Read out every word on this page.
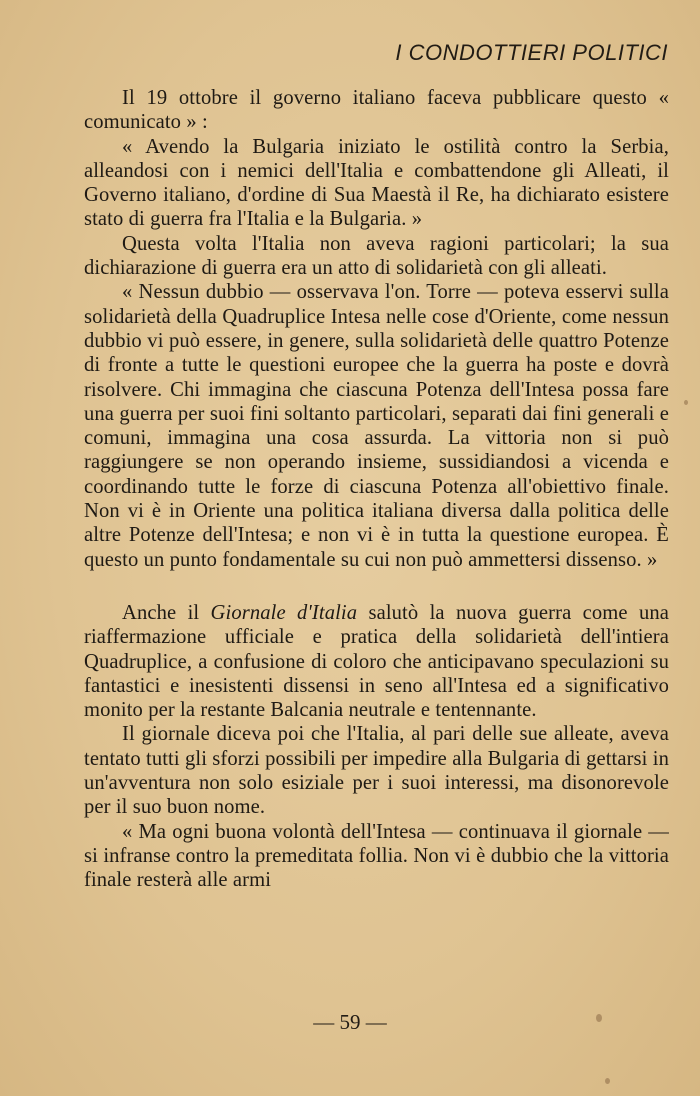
I CONDOTTIERI POLITICI

Il 19 ottobre il governo italiano faceva pubblicare questo « comunicato » :

« Avendo la Bulgaria iniziato le ostilità contro la Serbia, alleandosi con i nemici dell'Italia e combattendone gli Alleati, il Governo italiano, d'ordine di Sua Maestà il Re, ha dichiarato esistere stato di guerra fra l'Italia e la Bulgaria. »

Questa volta l'Italia non aveva ragioni particolari; la sua dichiarazione di guerra era un atto di solidarietà con gli alleati.

« Nessun dubbio — osservava l'on. Torre — poteva esservi sulla solidarietà della Quadruplice Intesa nelle cose d'Oriente, come nessun dubbio vi può essere, in genere, sulla solidarietà delle quattro Potenze di fronte a tutte le questioni europee che la guerra ha poste e dovrà risolvere. Chi immagina che ciascuna Potenza dell'Intesa possa fare una guerra per suoi fini soltanto particolari, separati dai fini generali e comuni, immagina una cosa assurda. La vittoria non si può raggiungere se non operando insieme, sussidiandosi a vicenda e coordinando tutte le forze di ciascuna Potenza all'obiettivo finale. Non vi è in Oriente una politica italiana diversa dalla politica delle altre Potenze dell'Intesa; e non vi è in tutta la questione europea. È questo un punto fondamentale su cui non può ammettersi dissenso. »

Anche il Giornale d'Italia salutò la nuova guerra come una riaffermazione ufficiale e pratica della solidarietà dell'intiera Quadruplice, a confusione di coloro che anticipavano speculazioni su fantastici e inesistenti dissensi in seno all'Intesa ed a significativo monito per la restante Balcania neutrale e tentennante.

Il giornale diceva poi che l'Italia, al pari delle sue alleate, aveva tentato tutti gli sforzi possibili per impedire alla Bulgaria di gettarsi in un'avventura non solo esiziale per i suoi interessi, ma disonorevole per il suo buon nome.

« Ma ogni buona volontà dell'Intesa — continuava il giornale — si infranse contro la premeditata follia. Non vi è dubbio che la vittoria finale resterà alle armi

— 59 —
